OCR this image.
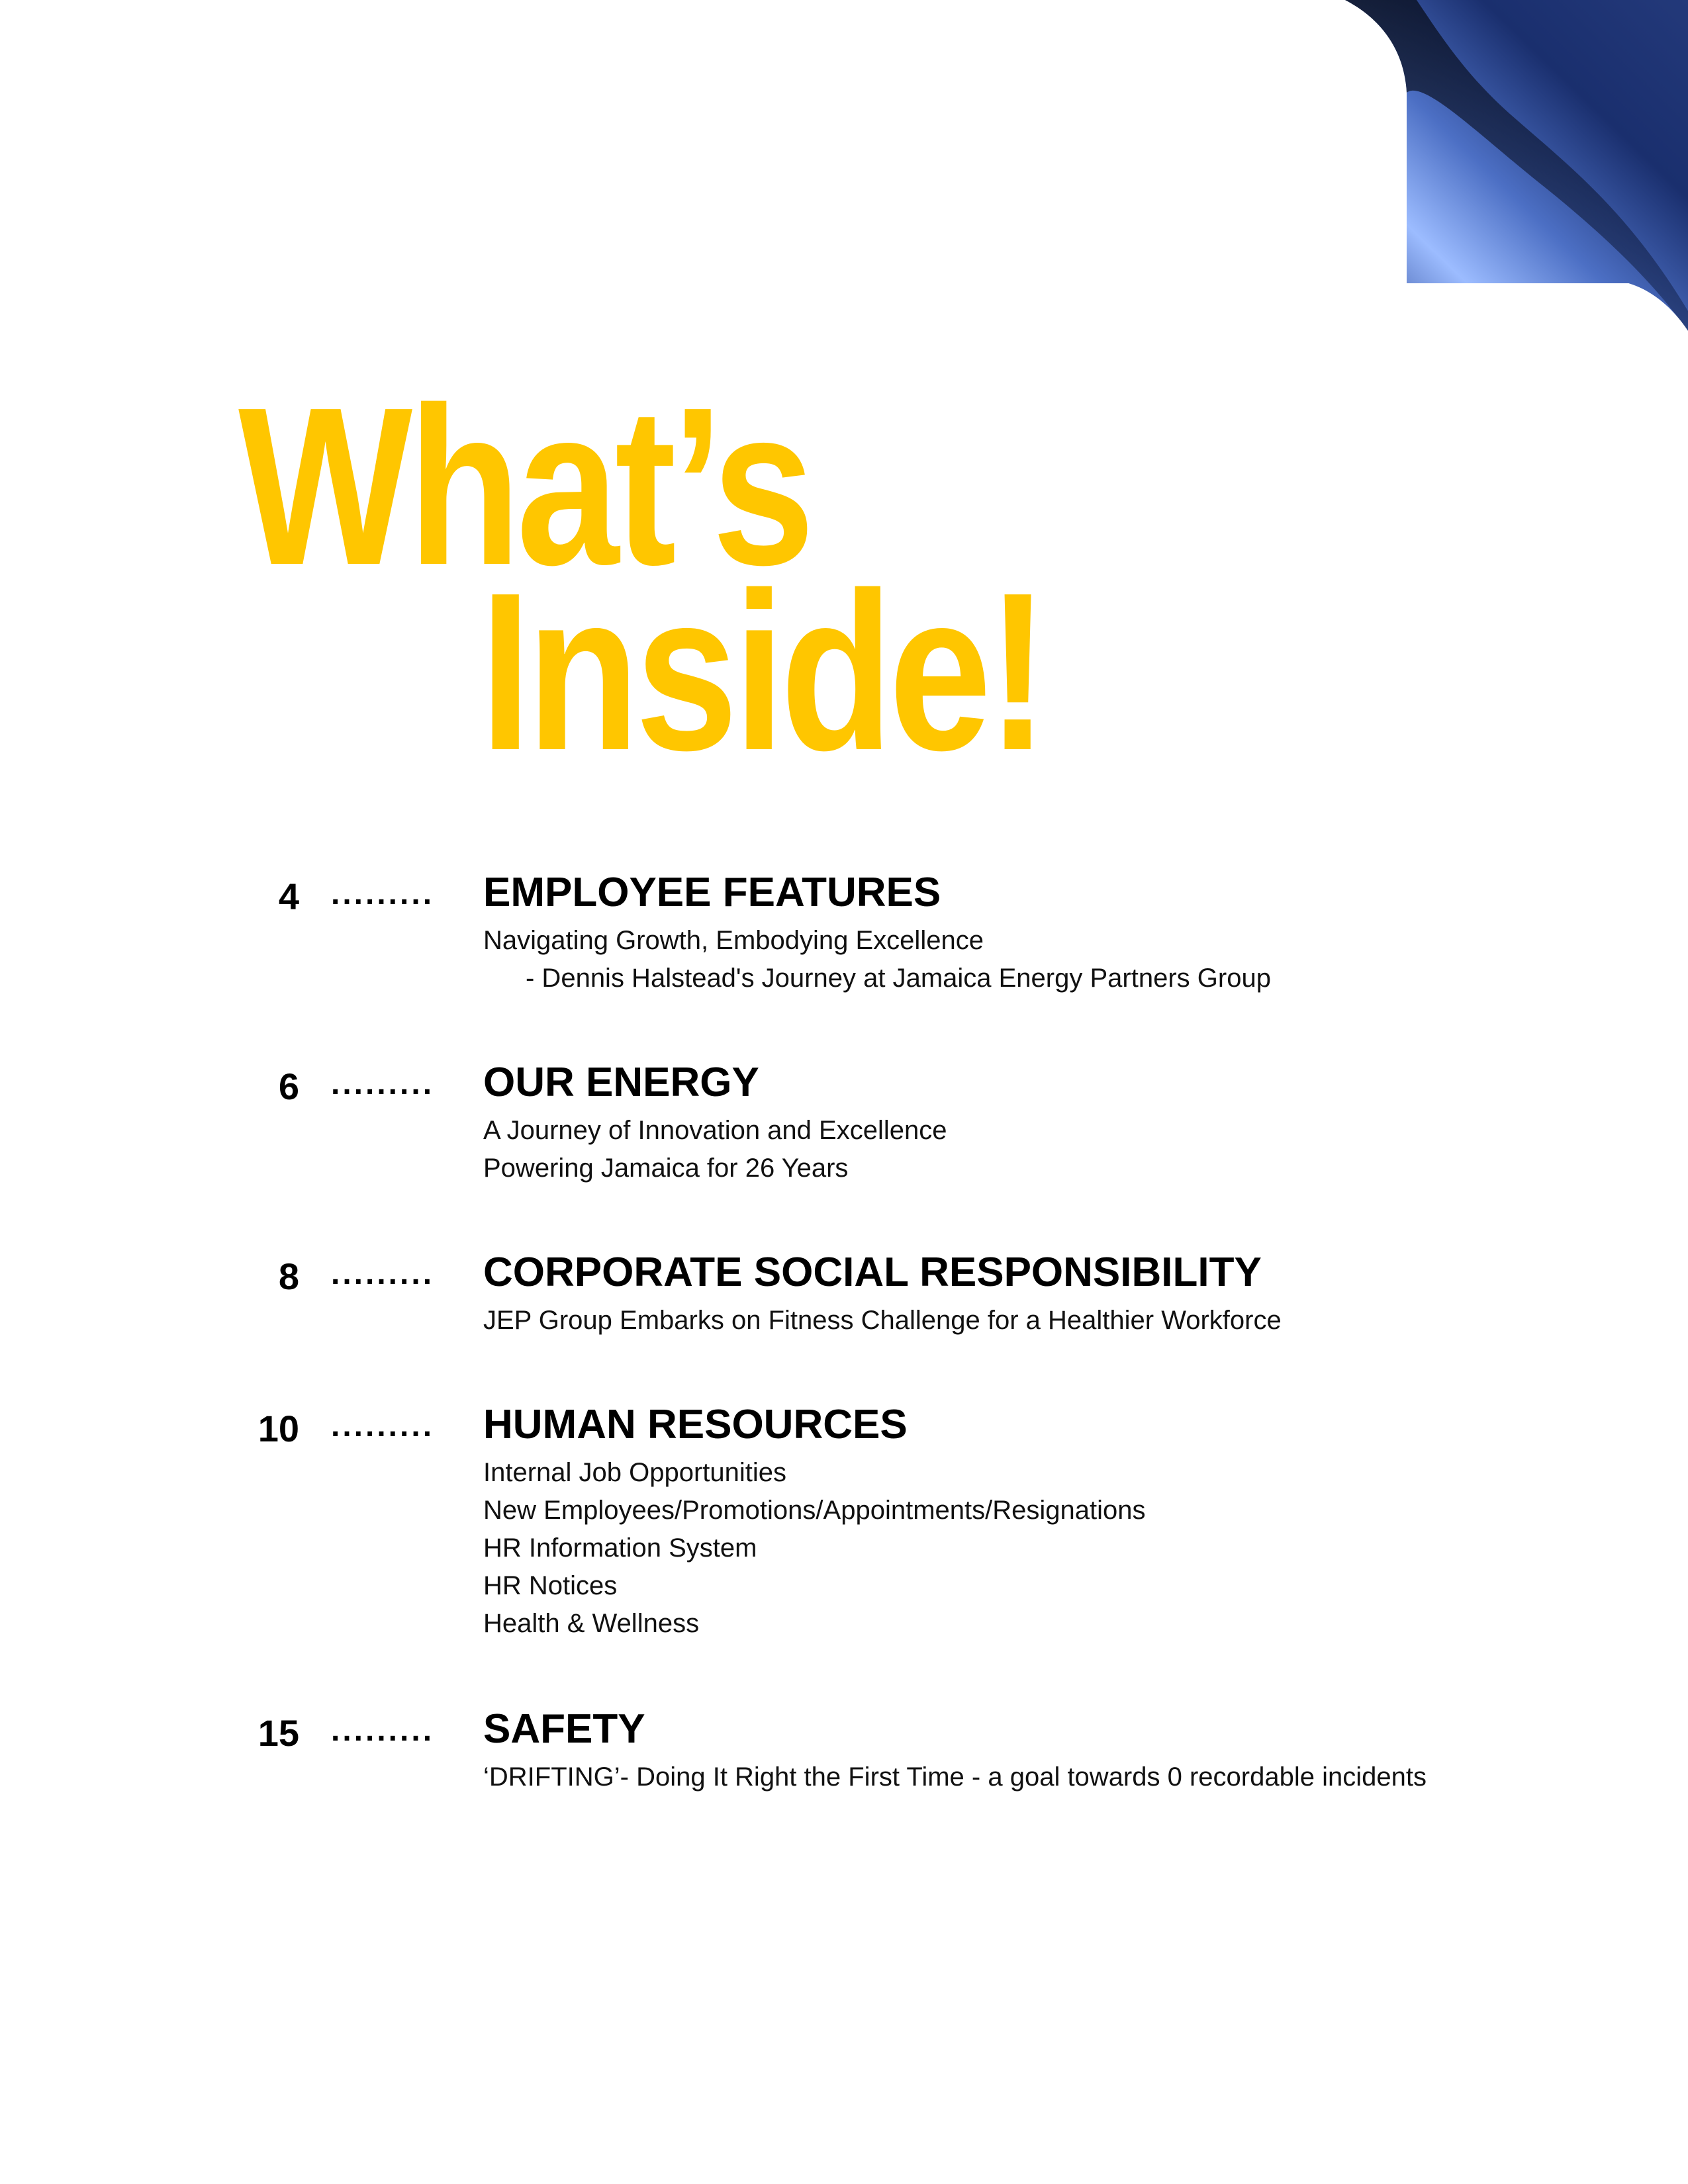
What’s
Inside!
4 ......... EMPLOYEE FEATURES
Navigating Growth, Embodying Excellence
- Dennis Halstead's Journey at Jamaica Energy Partners Group
6 ......... OUR ENERGY
A Journey of Innovation and Excellence
Powering Jamaica for 26 Years
8 ......... CORPORATE SOCIAL RESPONSIBILITY
JEP Group Embarks on Fitness Challenge for a Healthier Workforce
10 ......... HUMAN RESOURCES
Internal Job Opportunities
New Employees/Promotions/Appointments/Resignations
HR Information System
HR Notices
Health & Wellness
15 ......... SAFETY
‘DRIFTING’- Doing It Right the First Time - a goal towards 0 recordable incidents
